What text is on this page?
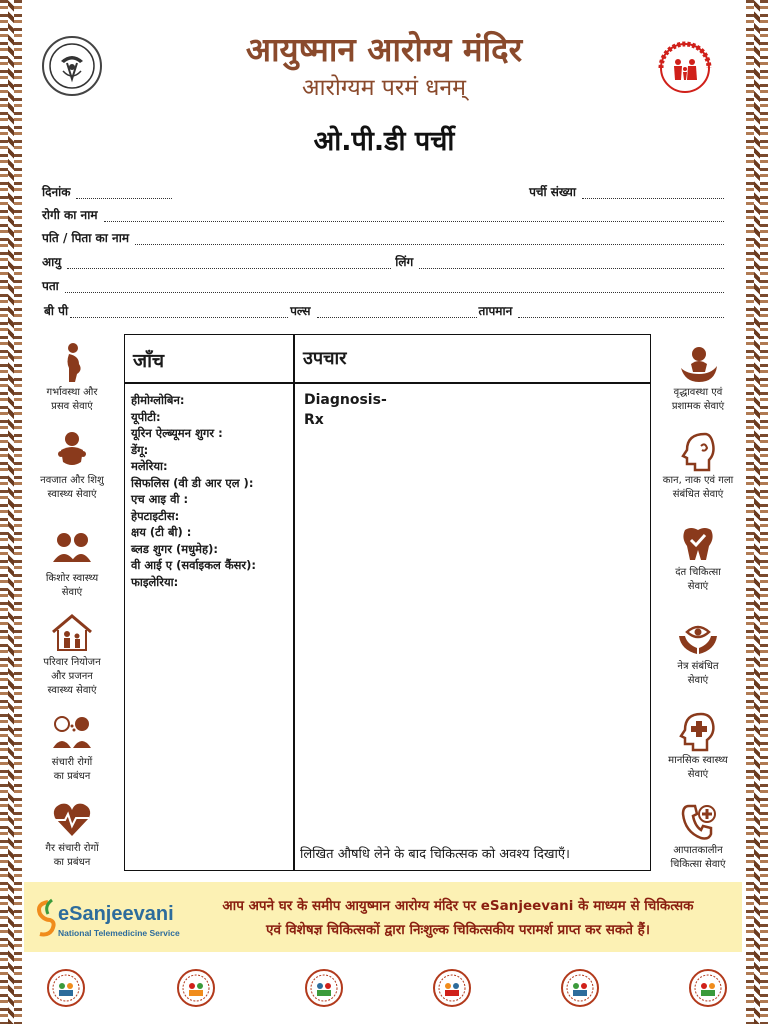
आयुष्मान आरोग्य मंदिर
आरोग्यम परमं धनम्
ओ.पी.डी पर्ची
दिनांक	पर्ची संख्या
रोगी का नाम
पति / पिता का नाम
आयु	लिंग
पता
बी पी	पल्स	तापमान
जाँच	उपचार
हीमोग्लोबिन:
यूपीटी:
यूरिन ऐल्ब्यूमन शुगर :
डेंगू:
मलेरिया:
सिफलिस (वी डी आर एल ):
एच आइ वी :
हेपटाइटीस:
क्षय (टी बी) :
ब्लड शुगर (मधुमेह):
वी आई ए (सर्वाइकल कैंसर):
फाइलेरिया:
Diagnosis-
Rx
लिखित औषधि लेने के बाद चिकित्सक को अवश्य दिखाएँ।
गर्भावस्था और
प्रसव सेवाएं
नवजात और शिशु
स्वास्थ्य सेवाएं
किशोर स्वास्थ्य
सेवाएं
परिवार नियोजन
और प्रजनन
स्वास्थ्य सेवाएं
संचारी रोगों
का प्रबंधन
गैर संचारी रोगों
का प्रबंधन
वृद्धावस्था एवं
प्रशामक सेवाएं
कान, नाक एवं गला
संबंधित सेवाएं
दंत चिकित्सा
सेवाएं
नेत्र संबंधित
सेवाएं
मानसिक स्वास्थ्य
सेवाएं
आपातकालीन
चिकित्सा सेवाएं
eSanjeevani
National Telemedicine Service
आप अपने घर के समीप आयुष्मान आरोग्य मंदिर पर eSanjeevani के माध्यम से चिकित्सक
एवं विशेषज्ञ चिकित्सकों द्वारा निःशुल्क चिकित्सकीय परामर्श प्राप्त कर सकते हैं।
